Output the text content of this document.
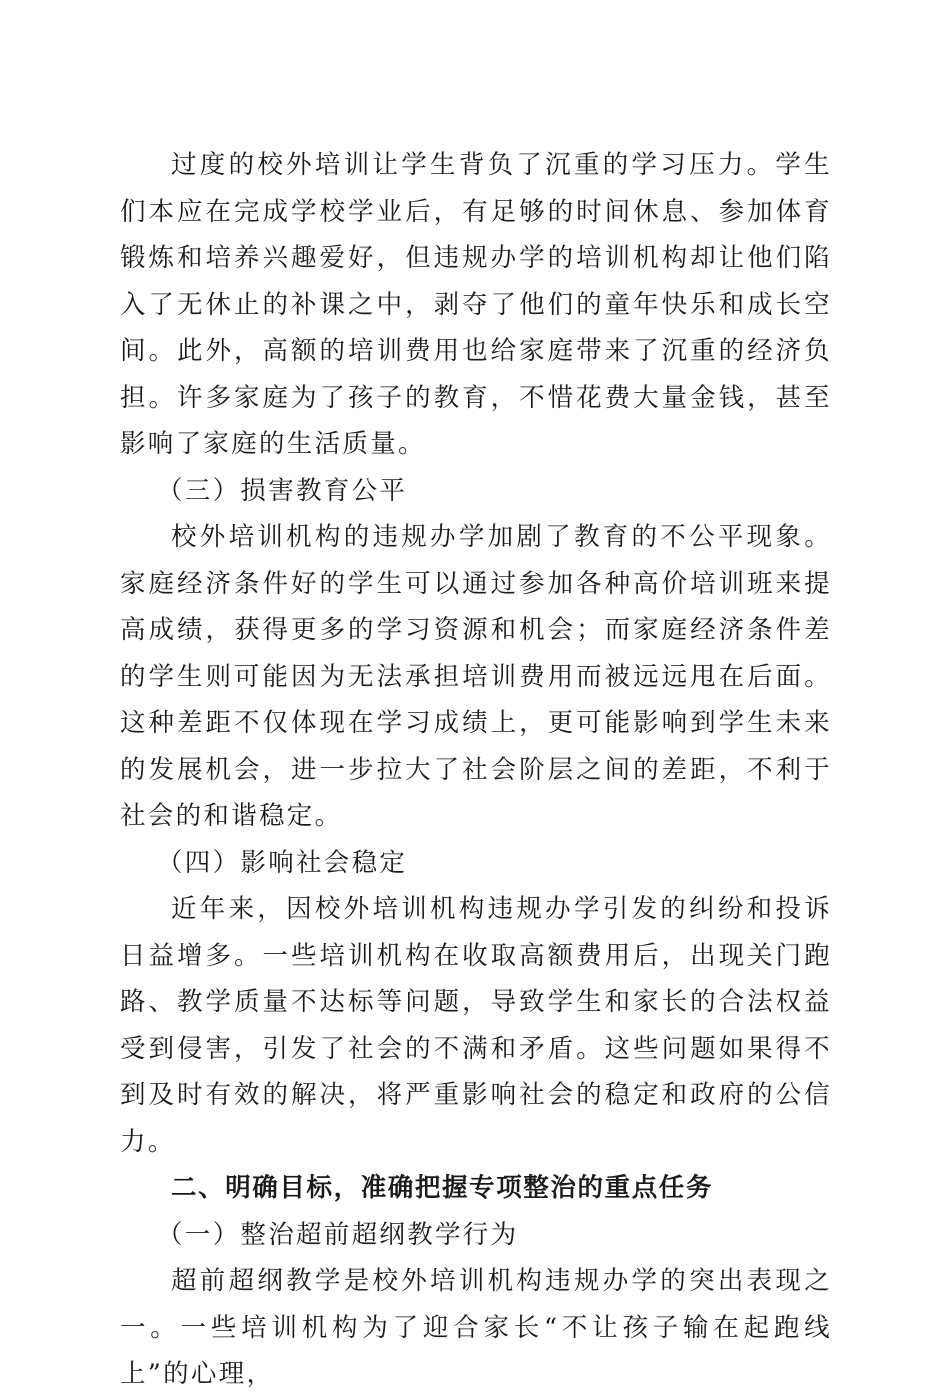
过度的校外培训让学生背负了沉重的学习压力。学生们本应在完成学校学业后，有足够的时间休息、参加体育锻炼和培养兴趣爱好，但违规办学的培训机构却让他们陷入了无休止的补课之中，剥夺了他们的童年快乐和成长空间。此外，高额的培训费用也给家庭带来了沉重的经济负担。许多家庭为了孩子的教育，不惜花费大量金钱，甚至影响了家庭的生活质量。

（三）损害教育公平

校外培训机构的违规办学加剧了教育的不公平现象。家庭经济条件好的学生可以通过参加各种高价培训班来提高成绩，获得更多的学习资源和机会；而家庭经济条件差的学生则可能因为无法承担培训费用而被远远甩在后面。这种差距不仅体现在学习成绩上，更可能影响到学生未来的发展机会，进一步拉大了社会阶层之间的差距，不利于社会的和谐稳定。

（四）影响社会稳定

近年来，因校外培训机构违规办学引发的纠纷和投诉日益增多。一些培训机构在收取高额费用后，出现关门跑路、教学质量不达标等问题，导致学生和家长的合法权益受到侵害，引发了社会的不满和矛盾。这些问题如果得不到及时有效的解决，将严重影响社会的稳定和政府的公信力。

二、明确目标，准确把握专项整治的重点任务

（一）整治超前超纲教学行为

超前超纲教学是校外培训机构违规办学的突出表现之一。一些培训机构为了迎合家长“不让孩子输在起跑线上”的心理，
